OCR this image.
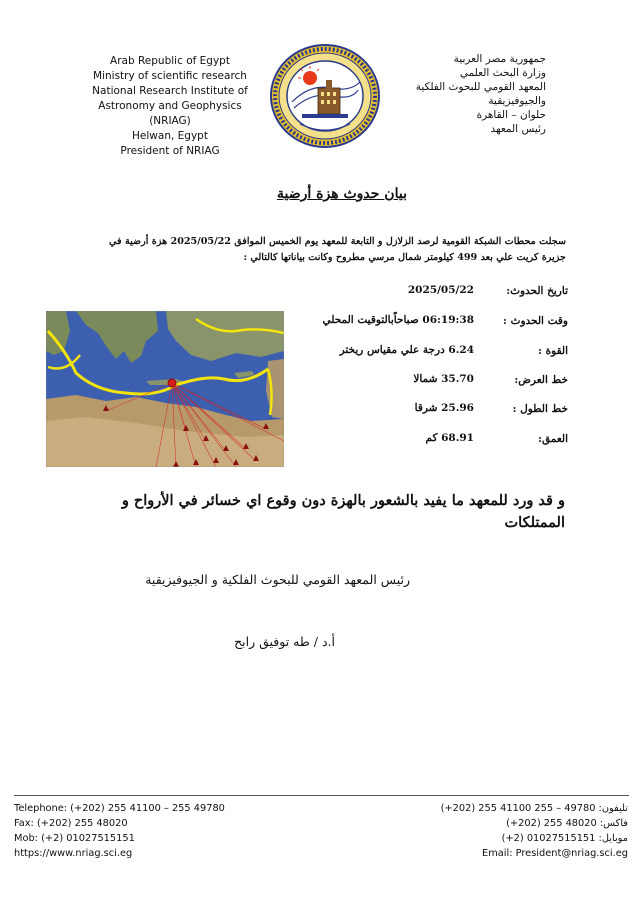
Arab Republic of Egypt
Ministry of scientific research
National Research Institute of
Astronomy and Geophysics
(NRIAG)
Helwan, Egypt
President of NRIAG
جمهورية مصر العربية
وزارة البحث العلمي
المعهد القومي للبحوث الفلكية
والجيوفيزيقية
حلوان – القاهرة
رئيس المعهد
بيان حدوث هزة أرضية
سجلت محطات الشبكة القومية لرصد الزلازل و التابعة للمعهد يوم الخميس الموافق 2025/05/22 هزة أرضية في
جزيرة كريت علي بعد 499 كيلومتر شمال مرسي مطروح وكانت بياناتها كالتالي :
تاريخ الحدوث:
2025/05/22
وقت الحدوث :
06:19:38 صباحاًبالتوقيت المحلي
القوة :
6.24 درجة علي مقياس ريختر
خط العرض:
35.70 شمالا
خط الطول :
25.96 شرقا
العمق:
68.91 كم
و قد ورد للمعهد ما يفيد بالشعور بالهزة دون وقوع اي خسائر في الأرواح و
الممتلكات
رئيس المعهد القومي للبحوث الفلكية و الجيوفيزيقية
أ.د / طه توفيق رابح
Telephone: (+202) 255 41100 – 255 49780
Fax: (+202) 255 48020
Mob: (+2) 01027515151
https://www.nriag.sci.eg
تليفون: 49780 – 255 41100 255 (202+)
فاكس: 48020 255 (202+)
موبايل: 01027515151 (2+)
Email: President@nriag.sci.eg
